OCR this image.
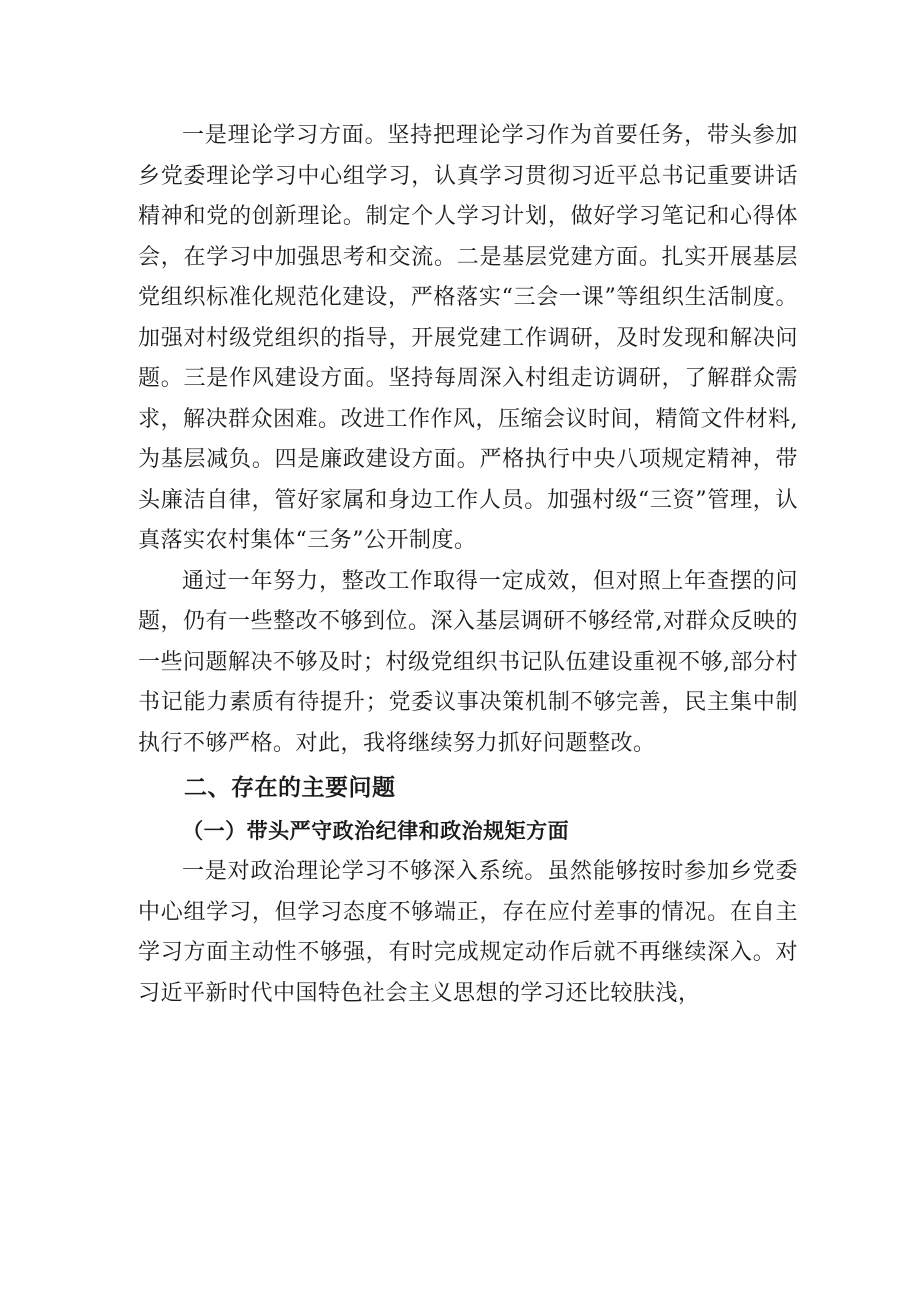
一是理论学习方面。坚持把理论学习作为首要任务，带头参加乡党委理论学习中心组学习，认真学习贯彻习近平总书记重要讲话精神和党的创新理论。制定个人学习计划，做好学习笔记和心得体会，在学习中加强思考和交流。二是基层党建方面。扎实开展基层党组织标准化规范化建设，严格落实“三会一课”等组织生活制度。加强对村级党组织的指导，开展党建工作调研，及时发现和解决问题。三是作风建设方面。坚持每周深入村组走访调研，了解群众需求，解决群众困难。改进工作作风，压缩会议时间，精简文件材料,为基层减负。四是廉政建设方面。严格执行中央八项规定精神，带头廉洁自律，管好家属和身边工作人员。加强村级“三资”管理，认真落实农村集体“三务”公开制度。

通过一年努力，整改工作取得一定成效，但对照上年查摆的问题，仍有一些整改不够到位。深入基层调研不够经常,对群众反映的一些问题解决不够及时；村级党组织书记队伍建设重视不够,部分村书记能力素质有待提升；党委议事决策机制不够完善，民主集中制执行不够严格。对此，我将继续努力抓好问题整改。

二、存在的主要问题
（一）带头严守政治纪律和政治规矩方面

一是对政治理论学习不够深入系统。虽然能够按时参加乡党委中心组学习，但学习态度不够端正，存在应付差事的情况。在自主学习方面主动性不够强，有时完成规定动作后就不再继续深入。对习近平新时代中国特色社会主义思想的学习还比较肤浅，
